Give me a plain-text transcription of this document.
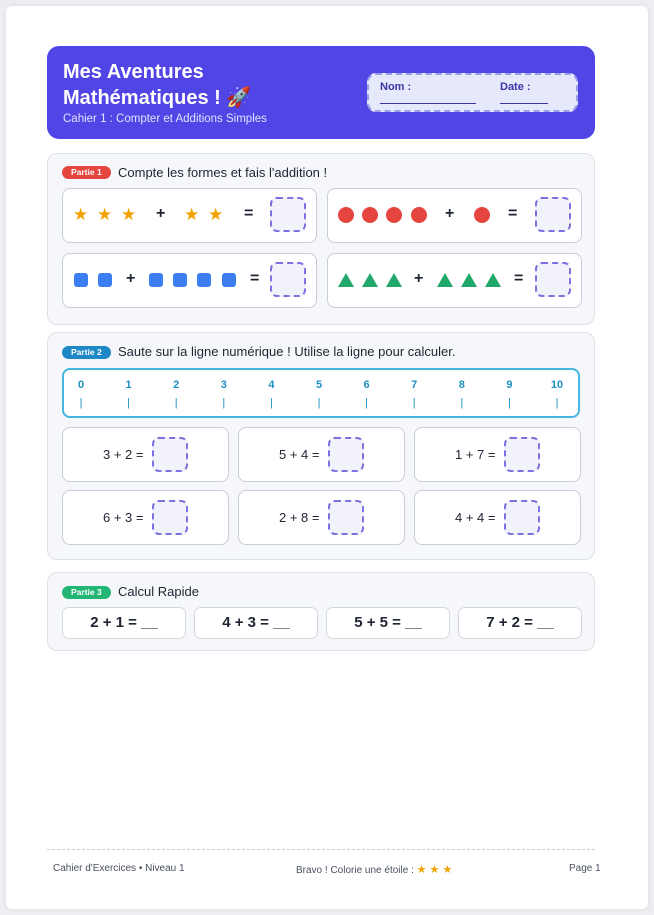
Mes Aventures
Mathématiques ! 🚀
Cahier 1 : Compter et Additions Simples
Nom :	Date :
Partie 1	Compte les formes et fais l'addition !
★ ★ ★ + ★ ★ =	+	=
+	=	+	=
Partie 2	Saute sur la ligne numérique ! Utilise la ligne pour calculer.
0
|
1
|
2
|
3
|
4
|
5
|
6
|
7
|
8
|
9
|
10
|
3 + 2 =	5 + 4 =	1 + 7 =
6 + 3 =	2 + 8 =	4 + 4 =
Partie 3	Calcul Rapide
2 + 1 = __	4 + 3 = __	5 + 5 = __	7 + 2 = __
Cahier d'Exercices • Niveau 1	Bravo ! Colorie une étoile : ★ ★ ★	Page 1
